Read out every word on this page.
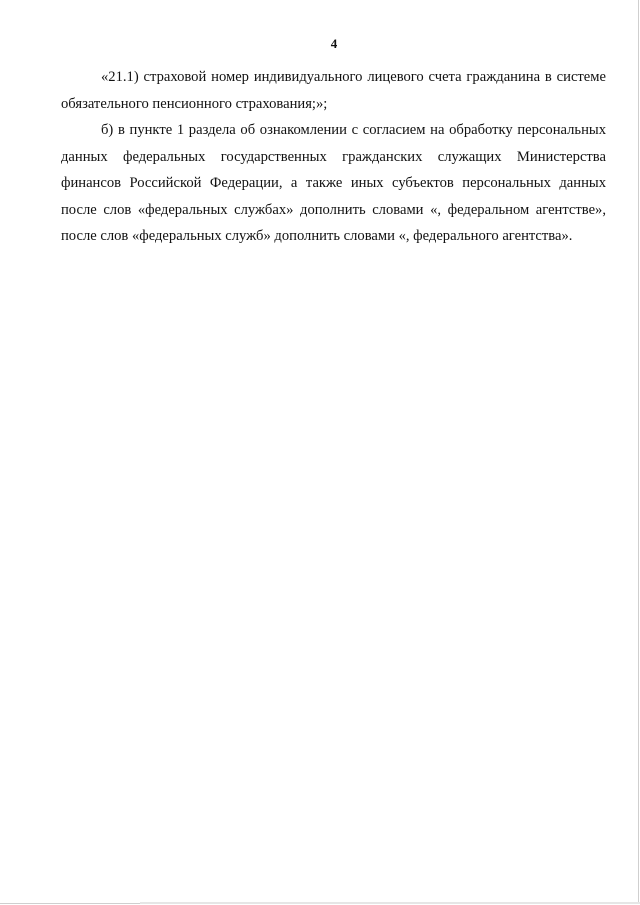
4

«21.1) страховой номер индивидуального лицевого счета гражданина в системе
обязательного пенсионного страхования;»;

б) в пункте 1 раздела об ознакомлении с согласием на обработку персональных
данных федеральных государственных гражданских служащих Министерства
финансов Российской Федерации, а также иных субъектов персональных данных
после слов «федеральных службах» дополнить словами «, федеральном агентстве»,
после слов «федеральных служб» дополнить словами «, федерального агентства».
